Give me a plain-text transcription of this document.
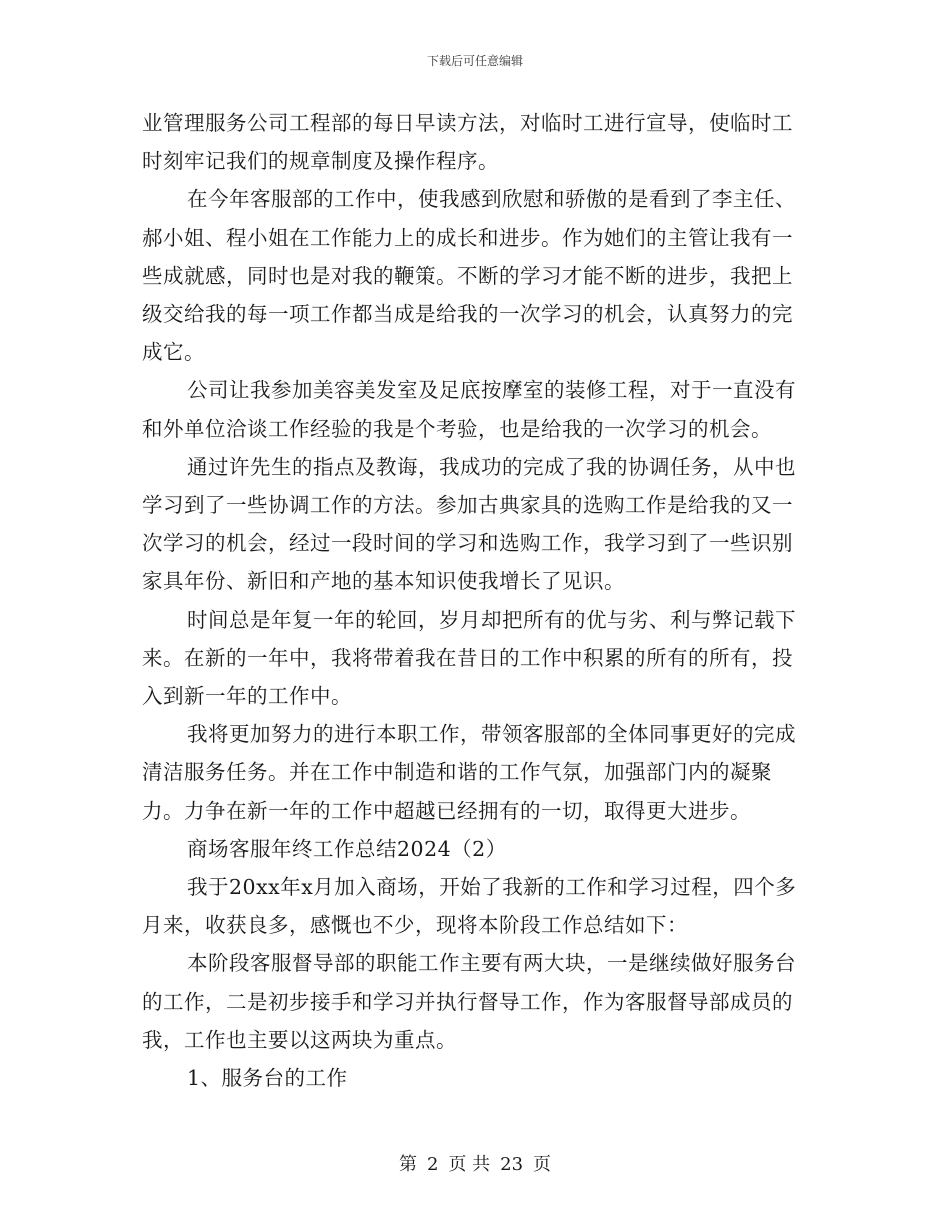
下载后可任意编辑

业管理服务公司工程部的每日早读方法，对临时工进行宣导，使临时工时刻牢记我们的规章制度及操作程序。

在今年客服部的工作中，使我感到欣慰和骄傲的是看到了李主任、郝小姐、程小姐在工作能力上的成长和进步。作为她们的主管让我有一些成就感，同时也是对我的鞭策。不断的学习才能不断的进步，我把上级交给我的每一项工作都当成是给我的一次学习的机会，认真努力的完成它。

公司让我参加美容美发室及足底按摩室的装修工程，对于一直没有和外单位洽谈工作经验的我是个考验，也是给我的一次学习的机会。

通过许先生的指点及教诲，我成功的完成了我的协调任务，从中也学习到了一些协调工作的方法。参加古典家具的选购工作是给我的又一次学习的机会，经过一段时间的学习和选购工作，我学习到了一些识别家具年份、新旧和产地的基本知识使我增长了见识。

时间总是年复一年的轮回，岁月却把所有的优与劣、利与弊记载下来。在新的一年中，我将带着我在昔日的工作中积累的所有的所有，投入到新一年的工作中。

我将更加努力的进行本职工作，带领客服部的全体同事更好的完成清洁服务任务。并在工作中制造和谐的工作气氛，加强部门内的凝聚力。力争在新一年的工作中超越已经拥有的一切，取得更大进步。

商场客服年终工作总结2024（2）

我于20xx年x月加入商场，开始了我新的工作和学习过程，四个多月来，收获良多，感慨也不少，现将本阶段工作总结如下：

本阶段客服督导部的职能工作主要有两大块，一是继续做好服务台的工作，二是初步接手和学习并执行督导工作，作为客服督导部成员的我，工作也主要以这两块为重点。

1、服务台的工作

第 2 页 共 23 页
